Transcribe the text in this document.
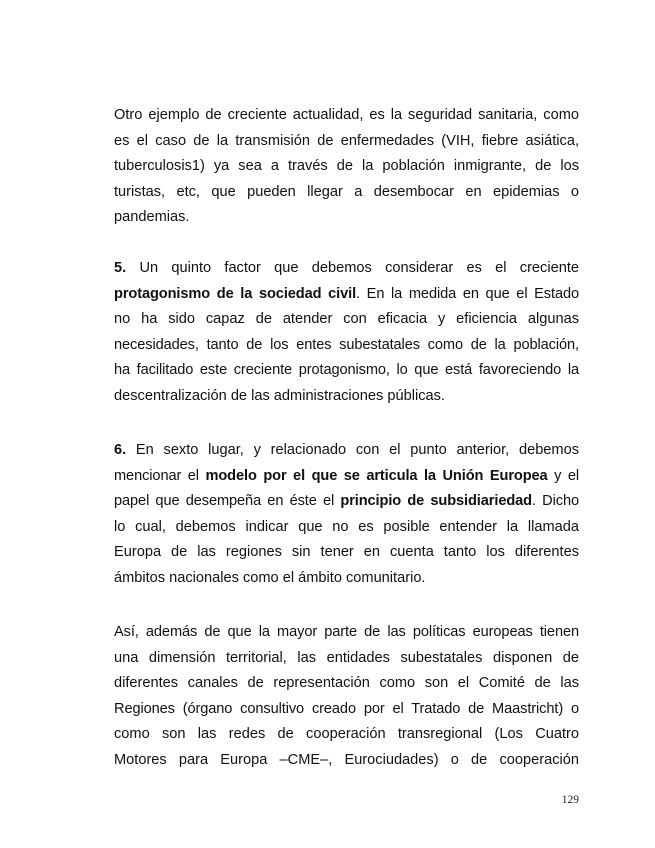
Otro ejemplo de creciente actualidad, es la seguridad sanitaria, como
es el caso de la transmisión de enfermedades (VIH, fiebre asiática,
tuberculosis1) ya sea a través de la población inmigrante, de los
turistas, etc, que pueden llegar a desembocar en epidemias o
pandemias.
5. Un quinto factor que debemos considerar es el creciente
protagonismo de la sociedad civil. En la medida en que el Estado
no ha sido capaz de atender con eficacia y eficiencia algunas
necesidades, tanto de los entes subestatales como de la población,
ha facilitado este creciente protagonismo, lo que está favoreciendo la
descentralización de las administraciones públicas.
6. En sexto lugar, y relacionado con el punto anterior, debemos
mencionar el modelo por el que se articula la Unión Europea y el
papel que desempeña en éste el principio de subsidiariedad. Dicho
lo cual, debemos indicar que no es posible entender la llamada
Europa de las regiones sin tener en cuenta tanto los diferentes
ámbitos nacionales como el ámbito comunitario.
Así, además de que la mayor parte de las políticas europeas tienen
una dimensión territorial, las entidades subestatales disponen de
diferentes canales de representación como son el Comité de las
Regiones (órgano consultivo creado por el Tratado de Maastricht) o
como son las redes de cooperación transregional (Los Cuatro
Motores para Europa –CME–, Eurociudades) o de cooperación
129
